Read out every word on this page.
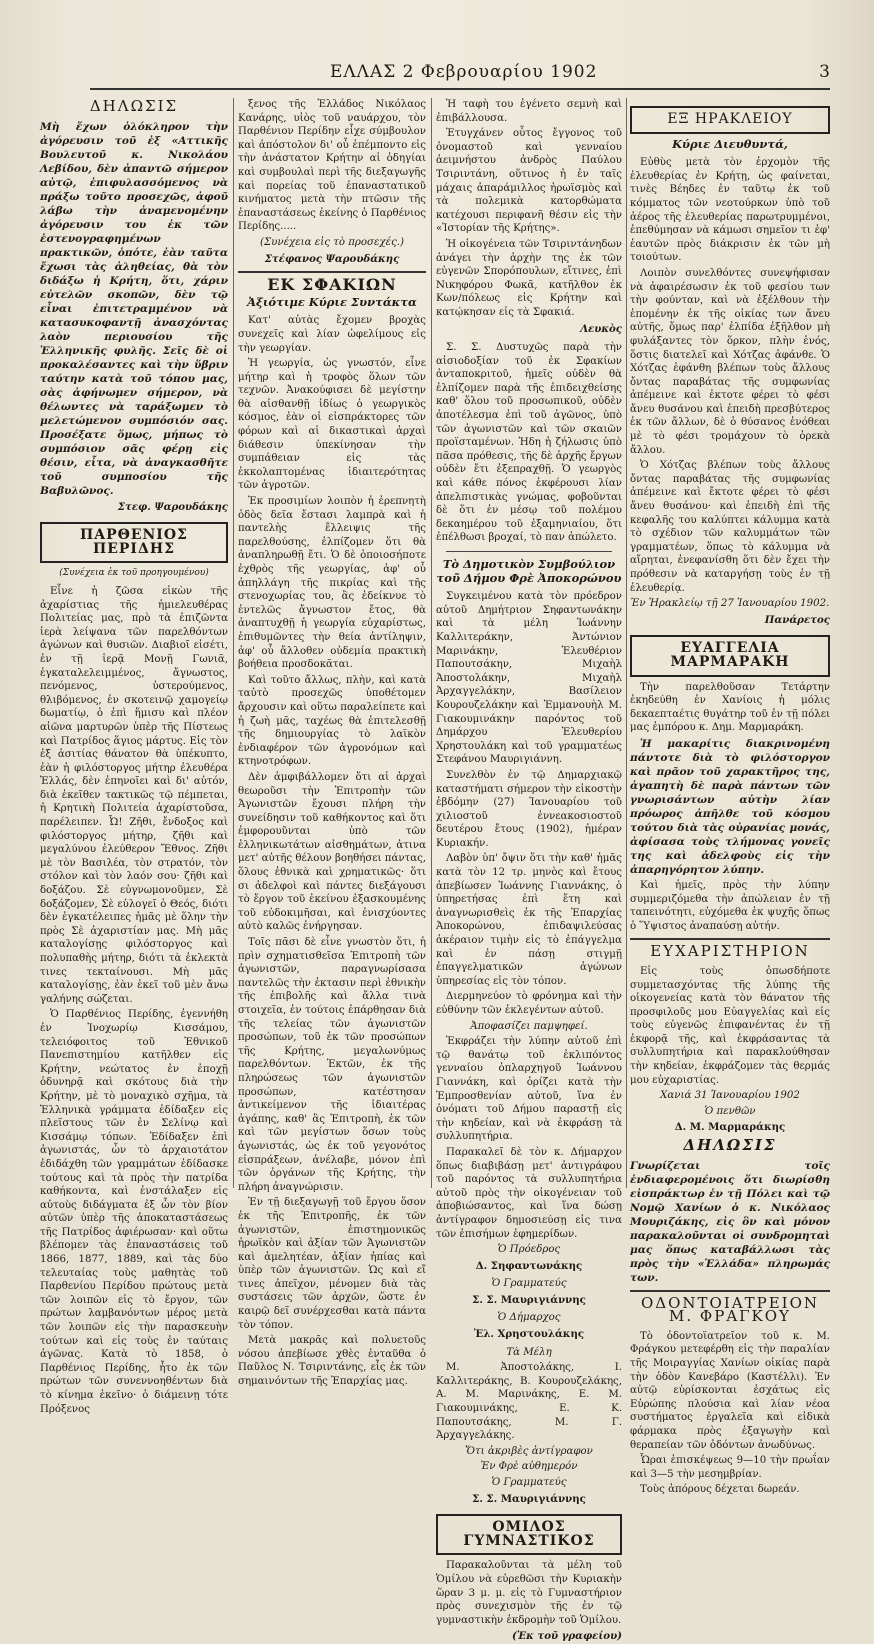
ΕΛΛΑΣ 2 Φεβρουαρίου 1902	3
ΔΗΛΩΣΙΣ
Μὴ ἔχων ὁλόκληρον τὴν ἀγόρευσιν τοῦ ἐξ «Αττικῆς Βουλευτοῦ κ. Νικολάου Λεβίδου, δὲν ἀπαντῶ σήμερον αὐτῷ, ἐπιφυλασσόμενος νὰ πράξω τοῦτο προσεχῶς, ἀφοῦ λάβω τὴν ἀναμενομένην ἀγόρευσιν του ἐκ τῶν ἐστενογραφημένων πρακτικῶν, ὁπότε, ἐὰν ταῦτα ἔχωσι τὰς ἀληθείας, θὰ τὸν διδάξω ἡ Κρήτη, ὅτι, χάριν εὐτελῶν σκοπῶν, δὲν τῷ εἶναι ἐπιτετραμμένον νὰ κατασυκοφαντῇ ἀνασχόντας λαὸν περιουσίου τῆς Ἑλληνικῆς φυλῆς. Σεῖς δὲ οἱ προκαλέσαντες καὶ τὴν ὕβριν ταύτην κατὰ τοῦ τόπου μας, σὰς ἀφήνωμεν σήμερον, νὰ θέλωντες νὰ ταράξωμεν τὸ μελετώμενον συμπόσιόν σας. Προσέξατε ὅμως, μήπως τὸ συμπόσιον σᾶς φέρῃ εἰς θέσιν, εἶτα, νὰ ἀναγκασθῆτε τοῦ συμποσίου τῆς Βαβυλῶνος.
Στεφ. Ψαρουδάκης
ΠΑΡΘΕΝΙΟΣ ΠΕΡΙΔΗΣ
(Συνέχεια ἐκ τοῦ προηγουμένου)

Εἶνε ἡ ζῶσα εἰκὼν τῆς ἀχαρίστιας τῆς ἡμιελευθέρας Πολιτείας μας, πρὸ τὰ ἐπιζῶντα ἱερὰ λείψανα τῶν παρελθόντων ἀγώνων καὶ θυσιῶν. Διαβιοῖ εἰσέτι, ἐν τῇ ἱερᾷ Μονῇ Γωνιᾶ, ἐγκαταλελειμμένος, ἄγνωστος, πενόμενος, ὑστερούμενος, θλιβόμενος, ἐν σκοτεινῷ χαμογείῳ δωματίῳ, ὁ ἐπὶ ἥμισυ καὶ πλέον αἰῶνα μαρτυρῶν ὑπὲρ τῆς Πίστεως καὶ Πατρίδος ἅγιος μάρτυς. Εἰς τὸν ἐξ ἀσιτίας θάνατον θὰ ὑπέκυπτο, ἐὰν ἡ φιλόστοργος μήτηρ ἐλευθέρα Ἑλλάς, δὲν ἐπηνοῖει καὶ δι' αὐτόν, διὰ ἐκεῖθεν τακτικῶς τῷ πέμπεται, ἡ Κρητικὴ Πολιτεία ἀχαρίστοῦσα, παρέλειπεν. Ὦ! Ζῆθι, ἔνδοξος καὶ φιλόστοργος μήτηρ, ζῆθι καὶ μεγαλύνου ἐλεύθερον Ἔθνος. Ζῆθι μὲ τὸν Βασιλέα, τὸν στρατόν, τὸν στόλον καὶ τὸν λαόν σου· ζῆθι καὶ δοξάζου. Σὲ εὐγνωμονοῦμεν, Σὲ δοξάζομεν, Σὲ εὐλογεῖ ὁ Θεός, διότι δὲν ἐγκατέλειπες ἡμᾶς μὲ ὅλην τὴν πρὸς Σὲ ἀχαριστίαν μας. Μὴ μᾶς καταλογίσῃς φιλόστοργος καὶ πολυπαθὴς μήτηρ, διότι τὰ ἐκλεκτὰ τινες τεκταίνουσι. Μὴ μᾶς καταλογίσῃς, ἐὰν ἐκεῖ τοῦ μὲν ἄνω γαλήνης σώζεται.

Ὁ Παρθένιος Περίδης, ἐγεννήθη ἐν Ἰνοχωρίῳ Κισσάμου, τελειόφοιτος τοῦ Ἐθνικοῦ Πανεπιστημίου κατῆλθεν εἰς Κρήτην, νεώτατος ἐν ἐποχῇ ὀδυνηρᾷ καὶ σκότους διὰ τὴν Κρήτην, μὲ τὸ μοναχικὸ σχῆμα, τὰ Ἑλληνικὰ γράμματα ἐδίδαξεν εἰς πλεῖστους τῶν ἐν Σελίνῳ καὶ Κισσάμῳ τόπων. Ἐδίδαξεν ἐπὶ ἀγωνιστάς, ὧν τὸ ἀρχαιοτάτον ἐδιδάχθη τῶν γραμμάτων ἐδίδασκε τούτους καὶ τὰ πρὸς τὴν πατρίδα καθήκοντα, καὶ ἐνστάλαξεν εἰς αὐτοὺς διδάγματα ἐξ ὧν τὸν βίον αὐτῶν ὑπὲρ τῆς ἀποκαταστάσεως τῆς Πατρίδος ἀφιέρωσαν· καὶ οὕτω βλέπομεν τὰς ἐπαναστάσεις τοῦ 1866, 1877, 1889, καὶ τὰς δύο τελευταίας τοὺς μαθητὰς τοῦ Παρθενίου Περίδου πρώτους μετὰ τῶν λοιπῶν εἰς τὸ ἔργον, τῶν πρώτων λαμβανόντων μέρος μετὰ τῶν λοιπῶν εἰς τὴν παρασκευὴν τούτων καὶ εἰς τοὺς ἐν ταύταις ἀγῶνας. Κατὰ τὸ 1858, ὁ Παρθένιος Περίδης, ἦτο ἐκ τῶν πρώτων τῶν συνεννοηθέντων διὰ τὸ κίνημα ἐκεῖνο· ὁ διάμεινῃ τότε Πρόξενος

ξενος τῆς Ἑλλάδος Νικόλαος Κανάρης, υἱὸς τοῦ ναυάρχου, τὸν Παρθένιον Περίδην εἶχε σύμβουλον καὶ ἀπόστολον δι' οὗ ἐπέμποντο εἰς τὴν ἀνάστατον Κρήτην αἱ ὁδηγίαι καὶ συμβουλαὶ περὶ τῆς διεξαγωγῆς καὶ πορείας τοῦ ἐπαναστατικοῦ κινήματος μετὰ τὴν πτῶσιν τῆς ἐπαναστάσεως ἐκείνης ὁ Παρθένιος Περίδης.....

(Συνέχεια εἰς τὸ προσεχές.)
Στέφανος Ψαρουδάκης
ΕΚ ΣΦΑΚΙΩΝ
Ἀξιότιμε Κύριε Συντάκτα

Κατ' αὐτὰς ἔχομεν βροχὰς συνεχεῖς καὶ λίαν ὠφελίμους εἰς τὴν γεωργίαν.

Ἡ γεωργία, ὡς γνωστόν, εἶνε μήτηρ καὶ ἡ τροφὸς ὅλων τῶν τεχνῶν. Ἀνακούφισει δὲ μεγίστην θὰ αἰσθανθῇ ἰδίως ὁ γεωργικὸς κόσμος, ἐὰν οἱ εἰσπράκτορες τῶν φόρων καὶ αἱ δικαστικαὶ ἀρχαὶ διάθεσιν ὑπεκίνησαν τὴν συμπάθειαν εἰς τὰς ἐκκολαπτομένας ἰδιαιτερότητας τῶν ἀγροτῶν.

Ἐκ προσιμίων λοιπὸν ἡ ἐρεπνητὴ ὁδὸς δεῖα ἔστασι λαμπρὰ καὶ ἡ παντελὴς ἔλλειψις τῆς παρελθούσης, ἐλπίζομεν ὅτι θὰ ἀναπληρωθῇ ἔτι. Ὁ δὲ ὁποιοσήποτε ἐχθρὸς τῆς γεωργίας, ἀφ' οὗ ἀπηλλάγη τῆς πικρίας καὶ τῆς στενοχωρίας του, ἂς ἐδείκνυε τὸ ἐντελῶς ἄγνωστον ἔτος, θὰ ἀναπτυχθῇ ἡ γεωργία εὐχαρίστως, ἐπιθυμῶντες τὴν θεία ἀντίληψιν, ἀφ' οὗ ἄλλοθεν οὐδεμία πρακτικὴ βοήθεια προσδοκᾶται.

Καὶ τοῦτο ἄλλως, πλὴν, καὶ κατὰ ταὐτὸ προσεχῶς ὑποθέτομεν ἄρχουσιν καὶ οὕτω παραλείπετε καὶ ἡ ζωὴ μᾶς, ταχέως θὰ ἐπιτελεσθῇ τῆς δημιουργίας τὸ λαϊκὸν ἐνδιαφέρον τῶν ἀγρονόμων καὶ κτηνοτρόφων.

Δὲν ἀμφιβάλλομεν ὅτι αἱ ἀρχαὶ θεωροῦσι τὴν Ἐπιτροπὴν τῶν Ἀγωνιστῶν ἔχουσι πλήρη τὴν συνείδησιν τοῦ καθήκοντος καὶ ὅτι ἐμφορουῦνται ὑπὸ τῶν ἐλληνικωτάτων αἰσθημάτων, ἀτινα μετ' αὐτῆς θέλουν βοηθήσει πάντας, ὅλους ἐθνικὰ καὶ χρηματικῶς· ὅτι σι ἀδελφοὶ καὶ πάντες διεξάγουσι τὸ ἔργον τοῦ ἐκείνου ἐξασκουμένης τοῦ εὐδοκιμῆσαι, καὶ ἐνισχύοντες αὐτὸ καλῶς ἐνήργησαν.

Τοῖς πᾶσι δὲ εἶνε γνωστὸν ὅτι, ἡ πρὶν σχηματισθεῖσα Ἐπιτροπὴ τῶν ἀγωνιστῶν, παραγνωρίσασα παντελῶς τὴν ἐκτασιν περὶ ἐθνικὴν τῆς ἐπιβολῆς καὶ ἄλλα τινὰ στοιχεῖα, ἐν τούτοις ἐπάρθησαν διὰ τῆς τελείας τῶν ἀγωνιστῶν προσώπων, τοῦ ἐκ τῶν προσώπων τῆς Κρήτης, μεγαλωνύμως παρελθόντων. Ἐκτῶν, ἐκ τῆς πληρώσεως τῶν ἀγωνιστῶν προσώπων, κατέστησαν ἀντικείμενον τῆς ἰδιαιτέρας ἀγάπης, καθ' ἃς Ἐπιτροπὴ, ἐκ τῶν καὶ τῶν μεγίστων ὅσων τοὺς ἀγωνιστάς, ὡς ἐκ τοῦ γεγονότος εἰσπράξεων, ἀνέλαβε, μόνον ἐπὶ τῶν ὀργάνων τῆς Κρήτης, τὴν πλήρη ἀναγνώρισιν.

Ἐν τῇ διεξαγωγῇ τοῦ ἔργου ὅσον ἐκ τῆς Ἐπιτροπῆς, ἐκ τῶν ἀγωνιστῶν, ἐπιστημονικῶς ἠρωϊκὸν καὶ ἀξίαν τῶν Ἀγωνιστῶν καὶ ἁμελητέαν, ἀξίαν ἠπίας καὶ ὑπὲρ τῶν ἀγωνιστῶν. Ὡς καὶ εἴ τινες ἀπεῖχον, μένομεν διὰ τὰς συστάσεις τῶν ἀρχῶν, ὥστε ἐν καιρῷ δεῖ συνέρχεσθαι κατὰ πάντα τὸν τόπον.

Μετὰ μακρᾶς καὶ πολυετοῦς νόσου ἀπεβίωσε χθὲς ἐνταῦθα ὁ Παῦλος Ν. Τσιριντάνης, εἷς ἐκ τῶν σημαινόντων τῆς Ἐπαρχίας μας.

Ἡ ταφὴ του ἐγένετο σεμνὴ καὶ ἐπιβάλλουσα.

Ἐτυγχάνεν οὗτος ἔγγονος τοῦ ὀνομαστοῦ καὶ γενναίου ἀειμνήστου ἀνδρὸς Παύλου Τσιριντάνη, οὕτινος ἡ ἐν ταῖς μάχαις ἀπαράμιλλος ἡρωϊσμὸς καὶ τὰ πολεμικὰ κατορθώματα κατέχουσι περιφανῆ θέσιν εἰς τὴν «Ἱστορίαν τῆς Κρήτης».

Ἡ οἰκογένεια τῶν Τσιριντάνηδων ἀνάγει τὴν ἀρχὴν της ἐκ τῶν εὐγενῶν Σπορόπουλων, εἴτινες, ἐπὶ Νικηφόρου Φωκᾶ, κατῆλθον ἐκ Κων/πόλεως εἰς Κρήτην καὶ κατῴκησαν εἰς τὰ Σφακιά.

Λευκὸς

Σ. Σ. Δυστυχῶς παρὰ τὴν αἰσιοδοξίαν τοῦ ἐκ Σφακίων ἀνταποκριτοῦ, ἡμεῖς οὐδὲν θὰ ἐλπίζομεν παρὰ τῆς ἐπιδειχθείσης καθ' ὅλου τοῦ προσωπικοῦ, οὐδὲν ἀποτέλεσμα ἐπὶ τοῦ ἀγῶνος, ὑπὸ τῶν ἀγωνιστῶν καὶ τῶν σκαιῶν προϊσταμένων. Ἠδη ἡ ζήλωσις ὑπὸ πᾶσα πρόθεσις, τῆς δὲ ἀρχῆς ἔργων οὐδὲν ἔτι ἐξεπραχθῇ. Ὁ γεωργὸς καὶ κάθε πόνος ἐκφέρουσι λίαν ἀπελπιστικὰς γνώμας, φοβοῦνται δὲ ὅτι ἐν μέσῳ τοῦ πολέμου δεκαημέρου τοῦ ἐξαμηνιαίου, ὅτι ἐπέλθωσι βροχαί, τὸ παν ἀπώλετο.

Τὸ Δημοτικὸν Συμβούλιον τοῦ Δήμου Φρὲ Ἀποκορώνου

Συγκειμένου κατὰ τὸν πρόεδρον αὐτοῦ Δημήτριον Σηφαντωνάκην καὶ τὰ μέλη Ἰωάννην Καλλιτεράκην, Ἀντώνιον Μαρινάκην, Ἐλευθέριον Παπουτσάκην, Μιχαὴλ Ἀποστολάκην, Μιχαὴλ Ἀρχαγγελάκην, Βασίλειον Κουρουζελάκην καὶ Ἐμμανουὴλ Μ. Γιακουμινάκην παρόντος τοῦ Δημάρχου Ἐλευθερίου Χρηστουλάκη καὶ τοῦ γραμματέως Στεφάνου Μαυριγιάννη.

Συνελθὸν ἐν τῷ Δημαρχιακῷ καταστήματι σήμερον τὴν εἰκοστὴν ἑβδόμην (27) Ἰανουαρίου τοῦ χιλιοστοῦ ἐννεακοσιοστοῦ δευτέρου ἔτους (1902), ἡμέραν Κυριακήν.

Λαβὸν ὑπ' ὄψιν ὅτι τὴν καθ' ἡμᾶς κατὰ τὸν 12 τρ. μηνὸς καὶ ἔτους ἀπεβίωσεν Ἰωάννης Γιαννάκης, ὁ ὑπηρετήσας ἐπὶ ἔτη καὶ ἀναγνωρισθεὶς ἐκ τῆς Ἐπαρχίας Ἀποκορώνου, ἐπιδαψιλεύσας ἀκέραιον τιμὴν εἰς τὸ ἐπάγγελμα καὶ ἐν πάσῃ στιγμῇ ἐπαγγελματικῶν ἀγώνων ὑπηρεσίας εἰς τὸν τόπον.

Διερμηνεύον τὸ φρόνημα καὶ τὴν εὐθύνην τῶν ἐκλεγέντων αὐτοῦ.

Ἀποφασίζει παμψηφεί.

Ἐκφράζει τὴν λύπην αὐτοῦ ἐπὶ τῷ θανάτῳ τοῦ ἐκλιπόντος γενναίου ὁπλαρχηγοῦ Ἰωάννου Γιαννάκη, καὶ ὁρίζει κατὰ τὴν Ἐμπροσθενίαν αὐτοῦ, ἵνα ἐν ὀνόματι τοῦ Δήμου παραστῇ εἰς τὴν κηδείαν, καὶ νὰ ἐκφράσῃ τὰ συλλυπητήρια.

Παρακαλεῖ δὲ τὸν κ. Δήμαρχον ὅπως διαβιβάσῃ μετ' ἀντιγράφου τοῦ παρόντος τὰ συλλυπητήρια αὐτοῦ πρὸς τὴν οἰκογένειαν τοῦ ἀποβιώσαντος, καὶ ἵνα δώσῃ ἀντίγραφον δημοσιεύσῃ εἰς τινα τῶν ἐπισήμων ἐφημερίδων.

Ὁ Πρόεδρος
Δ. Σηφαντωνάκης
Ὁ Γραμματεύς
Σ. Σ. Μαυριγιάννης
Ὁ Δήμαρχος
Ἐλ. Χρηστουλάκης
Τὰ Μέλη

Μ. Ἀποστολάκης, Ι. Καλλιτεράκης, Β. Κουρουζελάκης, Α. Μ. Μαρινάκης, Ε. Μ. Γιακουμινάκης, Ε. Κ. Παπουτσάκης, Μ. Γ. Ἀρχαγγελάκης.

Ὅτι ἀκριβὲς ἀντίγραφον
Ἐν Φρὲ αὐθημερόν
Ὁ Γραμματεύς
Σ. Σ. Μαυριγιάννης
ΟΜΙΛΟΣ ΓΥΜΝΑΣΤΙΚΟΣ

Παρακαλοῦνται τὰ μέλη τοῦ Ὁμίλου νὰ εὑρεθῶσι τὴν Κυριακὴν ὥραν 3 μ. μ. εἰς τὸ Γυμναστήριον πρὸς συνεχισμὸν τῆς ἐν τῷ γυμναστικὴν ἐκδρομὴν τοῦ Ὁμίλου.

(Ἐκ τοῦ γραφείου)
ΕΞ ΗΡΑΚΛΕΙΟΥ
Κύριε Διευθυντά,

Εὐθὺς μετὰ τὸν ἐρχομὸν τῆς ἐλευθερίας ἐν Κρήτῃ, ὡς φαίνεται, τινὲς Βέηδες ἐν ταῦτῳ ἐκ τοῦ κόμματος τῶν νεοτούρκων ὑπὸ τοῦ ἀέρος τῆς ἐλευθερίας παρωτρυμμένοι, ἐπεθύμησαν νὰ κάμωσι σημεῖον τι ἐφ' ἑαυτῶν πρὸς διάκρισιν ἐκ τῶν μὴ τοιούτων.

Λοιπὸν συνελθόντες συνεψήφισαν νὰ ἀφαιρέσωσιν ἐκ τοῦ φεσίου των τὴν φούνταν, καὶ νὰ ἐξέλθουν τὴν ἑπομένην ἐκ τῆς οἰκίας των ἄνευ αὐτῆς, ὅμως παρ' ἐλπίδα ἐξῆλθον μὴ φυλάξαντες τὸν ὅρκον, πλὴν ἑνός, ὅστις διατελεῖ καὶ Χότζας ἀφάνθε. Ὁ Χότζας ἐφάνθη βλέπων τοὺς ἄλλους ὄντας παραβάτας τῆς συμφωνίας ἀπέμεινε καὶ ἐκτοτε φέρει τὸ φέσι ἄνευ θυσάνου καὶ ἐπειδὴ πρεσβύτερος ἐκ τῶν ἄλλων, δὲ ὁ θύσανος ἐνόθεαι μὲ τὸ φέσι τρομάχουν τὸ ὀρεκὰ ἄλλου.

Ὁ Χότζας βλέπων τοὺς ἄλλους ὄντας παραβάτας τῆς συμφωνίας ἀπέμεινε καὶ ἔκτοτε φέρει τὸ φέσι ἄνευ θυσάνου· καὶ ἐπειδὴ ἐπὶ τῆς κεφαλῆς του καλύπτει κάλυμμα κατὰ τὸ σχέδιον τῶν καλυμμάτων τῶν γραμματέων, ὅπως τὸ κάλυμμα νὰ αἴρηται, ἐνεφανίσθη ὅτι δὲν ἔχει τὴν πρόθεσιν νὰ καταργήσῃ τοὺς ἐν τῇ ἐλευθερίᾳ.

Ἐν Ἡρακλείῳ τῇ 27 Ἰανουαρίου 1902.
Πανάρετος
ΕΥΑΓΓΕΛΙΑ ΜΑΡΜΑΡΑΚΗ

Τὴν παρελθοῦσαν Τετάρτην ἐκηδεύθη ἐν Χανίοις ἡ μόλις δεκαεπταέτις θυγάτηρ τοῦ ἐν τῇ πόλει μας ἐμπόρου κ. Δημ. Μαρμαράκη.

Ἡ μακαρίτις διακρινομένη πάντοτε διὰ τὸ φιλόστοργον καὶ πρᾶον τοῦ χαρακτῆρος της, ἀγαπητὴ δὲ παρὰ πάντων τῶν γνωρισάντων αὐτὴν λίαν πρόωρος ἀπῆλθε τοῦ κόσμου τούτου διὰ τὰς οὐρανίας μονάς, ἀφίσασα τοὺς τλήμονας γονεῖς της καὶ ἀδελφοὺς εἰς τὴν ἀπαρηγόρητον λύπην.

Καὶ ἡμεῖς, πρὸς τὴν λύπην συμμεριζόμεθα τὴν ἀπώλειαν ἐν τῇ ταπεινότητι, εὐχόμεθα ἐκ ψυχῆς ὅπως ὁ Ὕψιστος ἀναπαύσῃ αὐτήν.

ΕΥΧΑΡΙΣΤΗΡΙΟΝ

Εἰς τοὺς ὁπωσδήποτε συμμετασχόντας τῆς λύπης τῆς οἰκογενείας κατὰ τὸν θάνατον τῆς προσφιλοῦς μου Εὐαγγελίας καὶ εἰς τοὺς εὐγενῶς ἐπιφανέντας ἐν τῇ ἐκφορᾷ τῆς, καὶ ἐκφράσαντας τὰ συλλυπητήρια καὶ παρακλούθησαν τὴν κηδείαν, ἐκφράζομεν τὰς θερμάς μου εὐχαριστίας.

Χανιά 31 Ἰανουαρίου 1902
Ὁ πενθῶν
Δ. Μ. Μαρμαράκης
ΔΗΛΩΣΙΣ
Γνωρίζεται τοῖς ἐνδιαφερομένοις ὅτι διωρίσθη εἰσπράκτωρ ἐν τῇ Πόλει καὶ τῷ Νομῷ Χανίων ὁ κ. Νικόλαος Μουριζάκης, εἰς ὃν καὶ μόνον παρακαλοῦνται οἱ συνδρομηταὶ μας ὅπως καταβάλλωσι τὰς πρὸς τὴν «Ἑλλάδα» πληρωμάς των.
ΟΔΟΝΤΟΙΑΤΡΕΙΟΝ Μ. ΦΡΑΓΚΟΥ

Τὸ ὀδοντοϊατρεῖον τοῦ κ. Μ. Φράγκου μετεφέρθη εἰς τὴν παραλίαν τῆς Μοιραγγίας Χανίων οἰκίας παρὰ τὴν ὁδὸν Κανεβάρο (Καστέλλι). Ἐν αὐτῷ εὑρίσκονται ἐσχάτως εἰς Εὐρώπης πλούσια καὶ λίαν νέοα συστήματος ἐργαλεῖα καὶ εἰδικὰ φάρμακα πρὸς ἐξαγωγὴν καὶ θεραπείαν τῶν ὀδόντων ἀνωδύνως.

Ὧραι ἐπισκέψεως 9—10 τὴν πρωΐαν καὶ 3—5 τὴν μεσημβρίαν.

Τοὺς ἀπόρους δέχεται δωρεάν.
